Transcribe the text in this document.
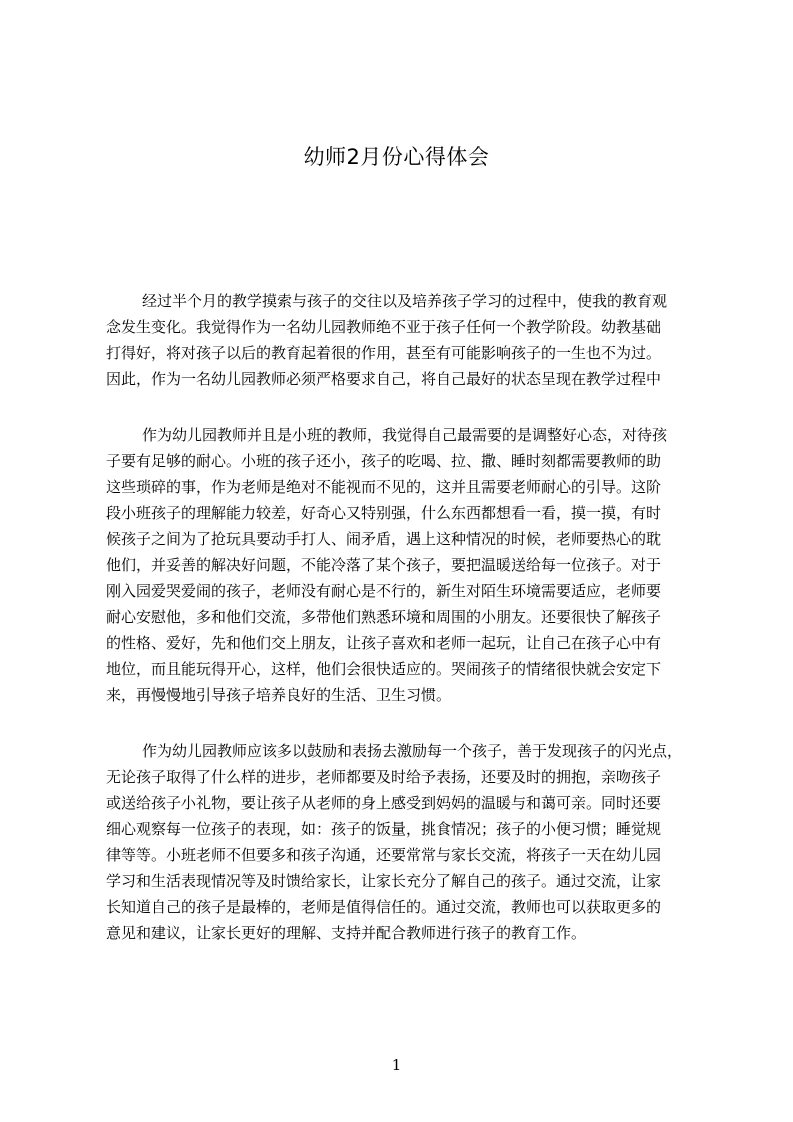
幼师2月份心得体会
经过半个月的教学摸索与孩子的交往以及培养孩子学习的过程中，使我的教育观
念发生变化。我觉得作为一名幼儿园教师绝不亚于孩子任何一个教学阶段。幼教基础
打得好，将对孩子以后的教育起着很的作用，甚至有可能影响孩子的一生也不为过。
因此，作为一名幼儿园教师必须严格要求自己，将自己最好的状态呈现在教学过程中
作为幼儿园教师并且是小班的教师，我觉得自己最需要的是调整好心态，对待孩
子要有足够的耐心。小班的孩子还小，孩子的吃喝、拉、撒、睡时刻都需要教师的助
这些琐碎的事，作为老师是绝对不能视而不见的，这并且需要老师耐心的引导。这阶
段小班孩子的理解能力较差，好奇心又特别强，什么东西都想看一看，摸一摸，有时
候孩子之间为了抢玩具要动手打人、闹矛盾，遇上这种情况的时候，老师要热心的耽
他们，并妥善的解决好问题，不能冷落了某个孩子，要把温暖送给每一位孩子。对于
刚入园爱哭爱闹的孩子，老师没有耐心是不行的，新生对陌生环境需要适应，老师要
耐心安慰他，多和他们交流，多带他们熟悉环境和周围的小朋友。还要很快了解孩子
的性格、爱好，先和他们交上朋友，让孩子喜欢和老师一起玩，让自己在孩子心中有
地位，而且能玩得开心，这样，他们会很快适应的。哭闹孩子的情绪很快就会安定下
来，再慢慢地引导孩子培养良好的生活、卫生习惯。
作为幼儿园教师应该多以鼓励和表扬去激励每一个孩子，善于发现孩子的闪光点，
无论孩子取得了什么样的进步，老师都要及时给予表扬，还要及时的拥抱，亲吻孩子
或送给孩子小礼物，要让孩子从老师的身上感受到妈妈的温暖与和蔼可亲。同时还要
细心观察每一位孩子的表现，如：孩子的饭量，挑食情况；孩子的小便习惯；睡觉规
律等等。小班老师不但要多和孩子沟通，还要常常与家长交流，将孩子一天在幼儿园
学习和生活表现情况等及时馈给家长，让家长充分了解自己的孩子。通过交流，让家
长知道自己的孩子是最棒的，老师是值得信任的。通过交流，教师也可以获取更多的
意见和建议，让家长更好的理解、支持并配合教师进行孩子的教育工作。
1
